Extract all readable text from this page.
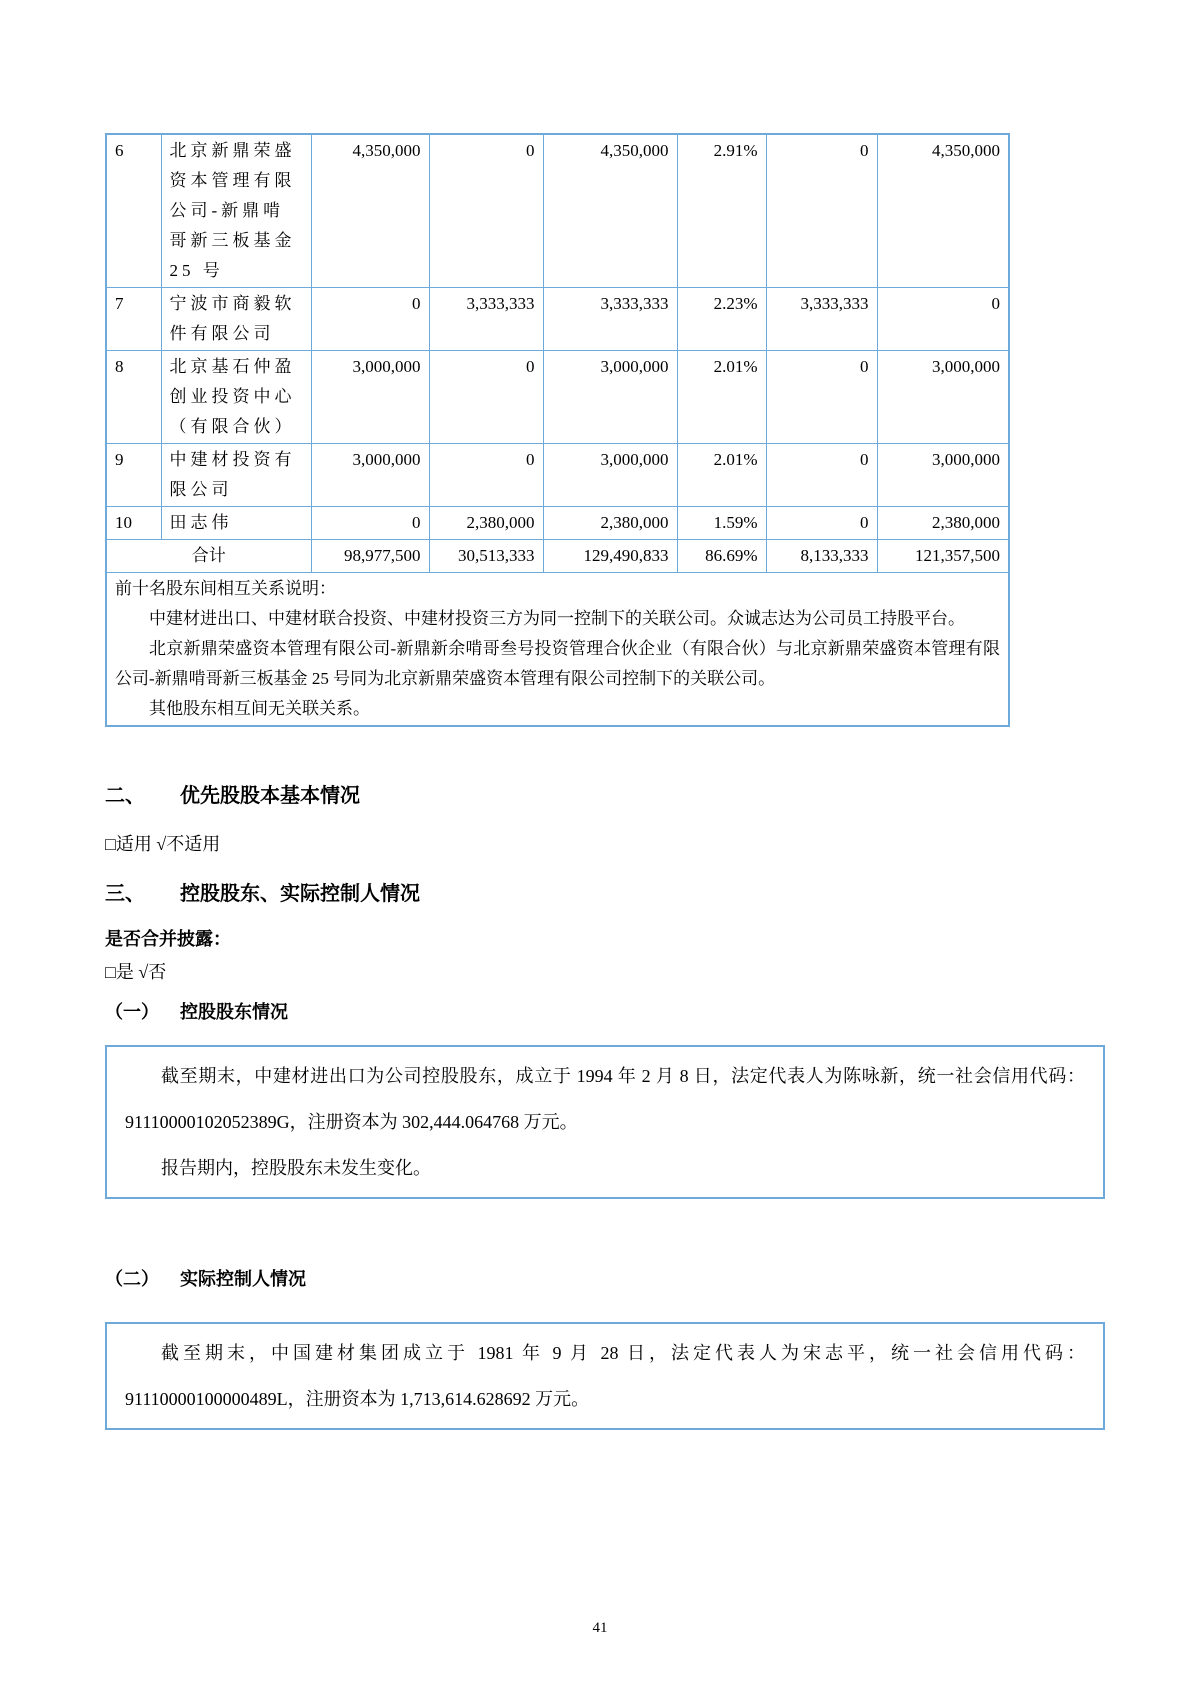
6	北京新鼎荣盛资本管理有限公司-新鼎啃哥新三板基金25 号	4,350,000	0	4,350,000	2.91%	0	4,350,000
7	宁波市商毅软件有限公司	0	3,333,333	3,333,333	2.23%	3,333,333	0
8	北京基石仲盈创业投资中心（有限合伙）	3,000,000	0	3,000,000	2.01%	0	3,000,000
9	中建材投资有限公司	3,000,000	0	3,000,000	2.01%	0	3,000,000
10	田志伟	0	2,380,000	2,380,000	1.59%	0	2,380,000
合计		98,977,500	30,513,333	129,490,833	86.69%	8,133,333	121,357,500

前十名股东间相互关系说明：

中建材进出口、中建材联合投资、中建材投资三方为同一控制下的关联公司。众诚志达为公司员工持股平台。

北京新鼎荣盛资本管理有限公司-新鼎新余啃哥叁号投资管理合伙企业（有限合伙）与北京新鼎荣盛资本管理有限公司-新鼎啃哥新三板基金 25 号同为北京新鼎荣盛资本管理有限公司控制下的关联公司。

其他股东相互间无关联关系。							

二、	优先股股本基本情况
□适用 √不适用
三、	控股股东、实际控制人情况
是否合并披露：
□是 √否
（一）	控股股东情况

截至期末，中建材进出口为公司控股股东，成立于 1994 年 2 月 8 日，法定代表人为陈咏新，统一社会信用代码：91110000102052389G，注册资本为 302,444.064768 万元。

报告期内，控股股东未发生变化。

（二）	实际控制人情况

截至期末，中国建材集团成立于 1981 年 9 月 28 日，法定代表人为宋志平，统一社会信用代码：91110000100000489L，注册资本为 1,713,614.628692 万元。

41
